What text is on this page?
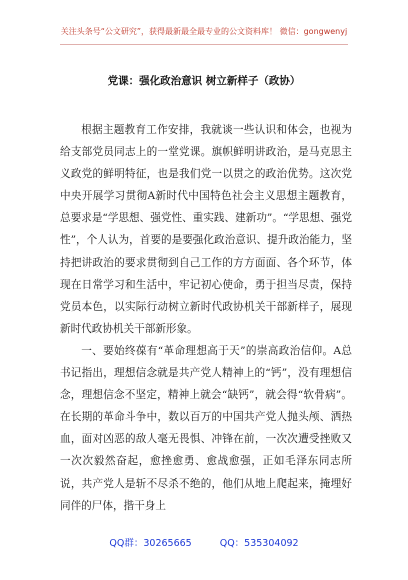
关注头条号“公文研究”，获得最新最全最专业的公文资料库！ 微信：gongwenyj
党课：强化政治意识 树立新样子（政协）

根据主题教育工作安排，我就谈一些认识和体会，也视为给支部党员同志上的一堂党课。旗帜鲜明讲政治，是马克思主义政党的鲜明特征，也是我们党一以贯之的政治优势。这次党中央开展学习贯彻A新时代中国特色社会主义思想主题教育，总要求是“学思想、强党性、重实践、建新功”。“学思想、强党性”，个人认为，首要的是要强化政治意识、提升政治能力，坚持把讲政治的要求贯彻到自己工作的方方面面、各个环节，体现在日常学习和生活中，牢记初心使命，勇于担当尽责，保持党员本色，以实际行动树立新时代政协机关干部新样子，展现新时代政协机关干部新形象。

一、要始终葆有“革命理想高于天”的崇高政治信仰。A总书记指出，理想信念就是共产党人精神上的“钙”，没有理想信念，理想信念不坚定，精神上就会“缺钙”，就会得“软骨病”。在长期的革命斗争中，数以百万的中国共产党人抛头颅、洒热血，面对凶恶的敌人毫无畏惧、冲锋在前，一次次遭受挫败又一次次毅然奋起，愈挫愈勇、愈战愈强，正如毛泽东同志所说，共产党人是斩不尽杀不绝的，他们从地上爬起来，掩埋好同伴的尸体，揩干身上

QQ群：30265665	QQ：535304092
